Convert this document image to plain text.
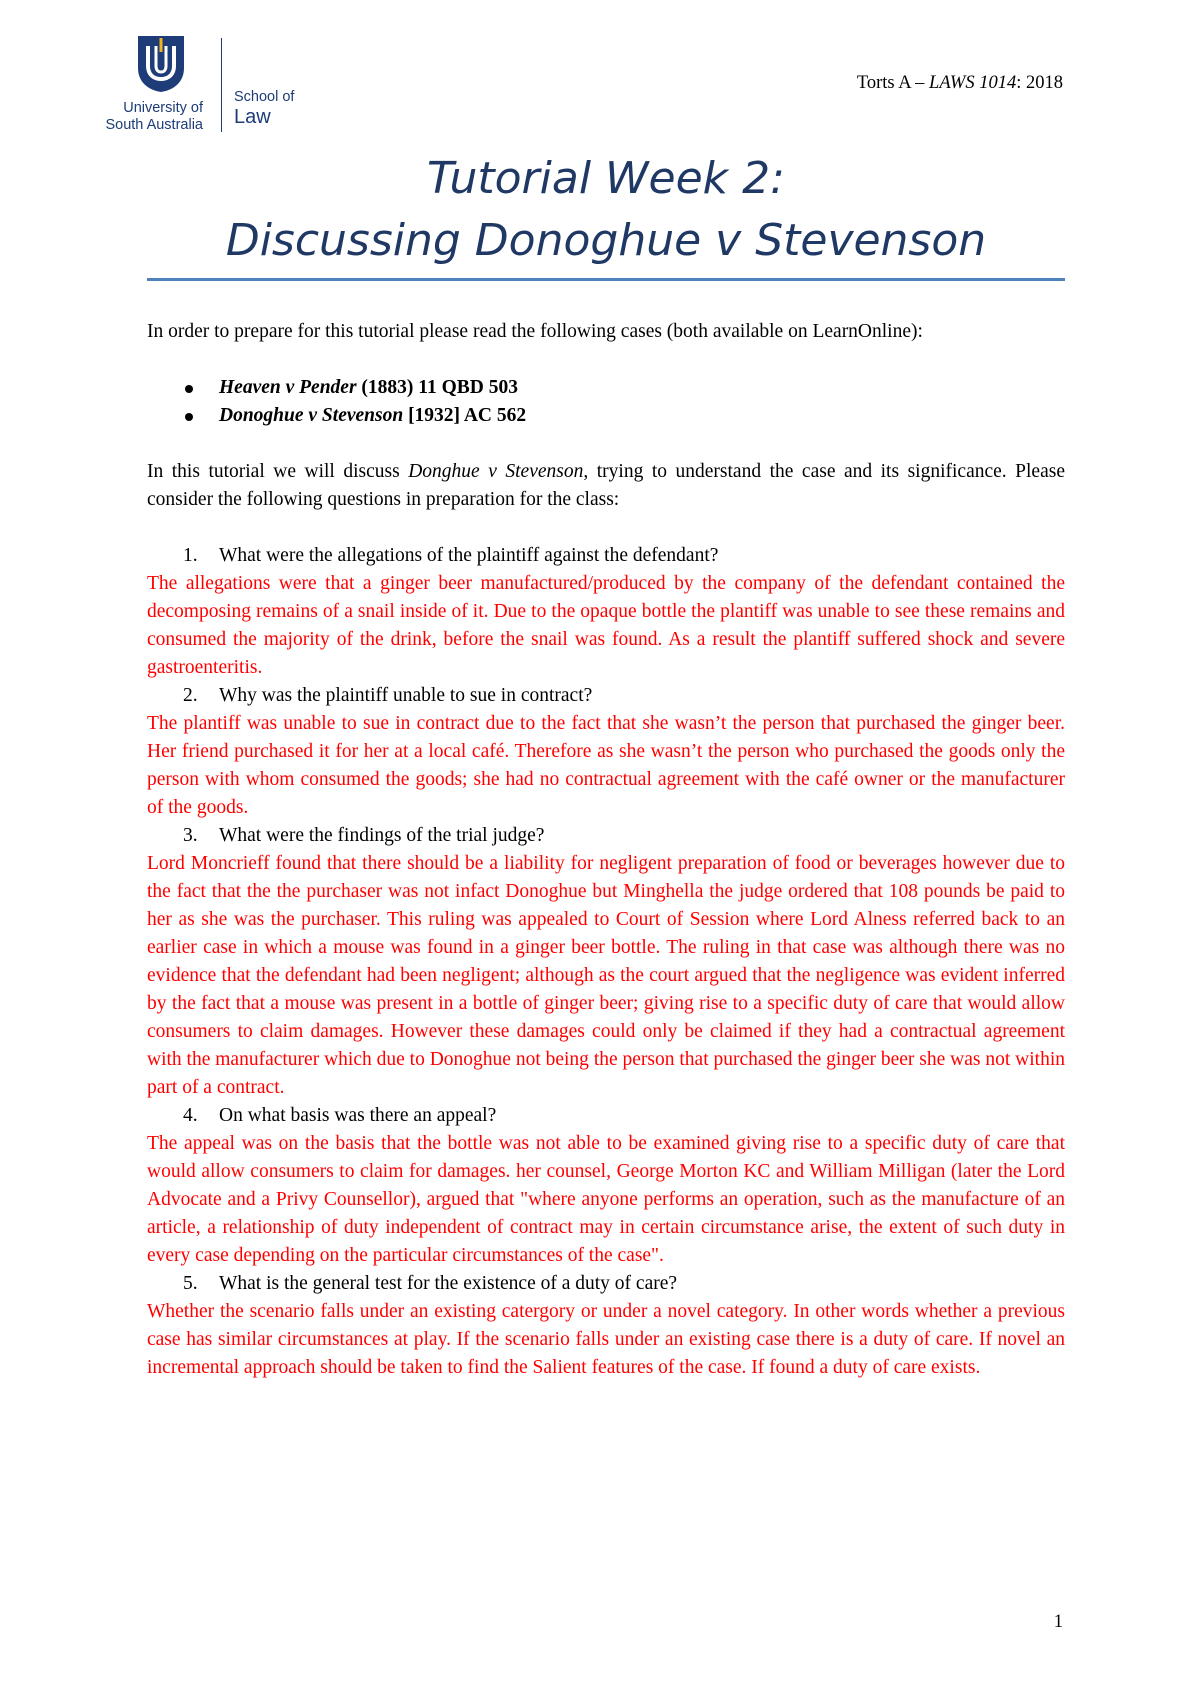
University of
South Australia
School of
Law
Torts A – LAWS 1014: 2018
Tutorial Week 2:
Discussing Donoghue v Stevenson

In order to prepare for this tutorial please read the following cases (both available on LearnOnline):

Heaven v Pender (1883) 11 QBD 503
Donoghue v Stevenson [1932] AC 562

In this tutorial we will discuss Donghue v Stevenson, trying to understand the case and its significance. Please consider the following questions in preparation for the class:

1. What were the allegations of the plaintiff against the defendant?

The allegations were that a ginger beer manufactured/produced by the company of the defendant contained the decomposing remains of a snail inside of it. Due to the opaque bottle the plantiff was unable to see these remains and consumed the majority of the drink, before the snail was found. As a result the plantiff suffered shock and severe gastroenteritis.

2. Why was the plaintiff unable to sue in contract?

The plantiff was unable to sue in contract due to the fact that she wasn’t the person that purchased the ginger beer. Her friend purchased it for her at a local café. Therefore as she wasn’t the person who purchased the goods only the person with whom consumed the goods; she had no contractual agreement with the café owner or the manufacturer of the goods.

3. What were the findings of the trial judge?

Lord Moncrieff found that there should be a liability for negligent preparation of food or beverages however due to the fact that the the purchaser was not infact Donoghue but Minghella the judge ordered that 108 pounds be paid to her as she was the purchaser. This ruling was appealed to Court of Session where Lord Alness referred back to an earlier case in which a mouse was found in a ginger beer bottle. The ruling in that case was although there was no evidence that the defendant had been negligent; although as the court argued that the negligence was evident inferred by the fact that a mouse was present in a bottle of ginger beer; giving rise to a specific duty of care that would allow consumers to claim damages. However these damages could only be claimed if they had a contractual agreement with the manufacturer which due to Donoghue not being the person that purchased the ginger beer she was not within part of a contract.

4. On what basis was there an appeal?

The appeal was on the basis that the bottle was not able to be examined giving rise to a specific duty of care that would allow consumers to claim for damages. her counsel, George Morton KC and William Milligan (later the Lord Advocate and a Privy Counsellor), argued that "where anyone performs an operation, such as the manufacture of an article, a relationship of duty independent of contract may in certain circumstance arise, the extent of such duty in every case depending on the particular circumstances of the case".

5. What is the general test for the existence of a duty of care?

Whether the scenario falls under an existing catergory or under a novel category. In other words whether a previous case has similar circumstances at play. If the scenario falls under an existing case there is a duty of care. If novel an incremental approach should be taken to find the Salient features of the case. If found a duty of care exists.

1
